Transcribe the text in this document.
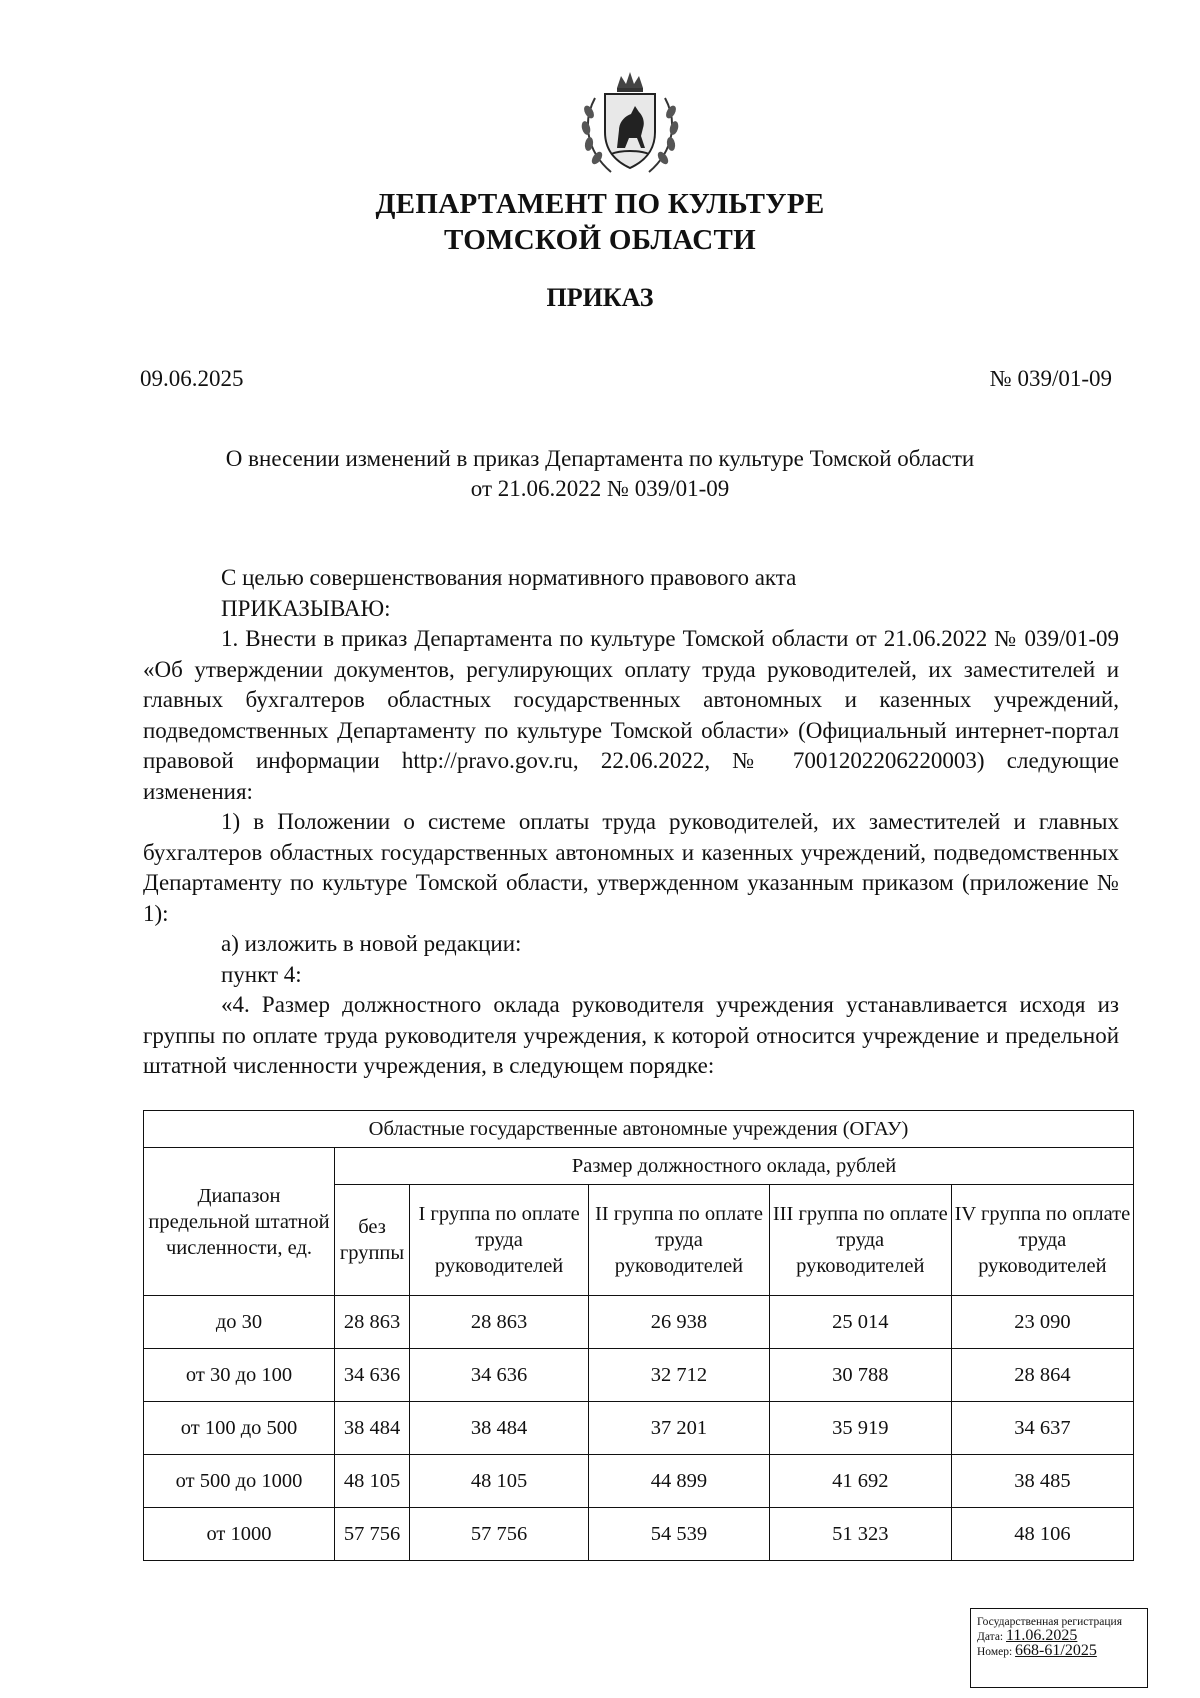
ДЕПАРТАМЕНТ ПО КУЛЬТУРЕ
ТОМСКОЙ ОБЛАСТИ
ПРИКАЗ
09.06.2025	№ 039/01-09
О внесении изменений в приказ Департамента по культуре Томской области
от 21.06.2022 № 039/01-09

С целью совершенствования нормативного правового акта

ПРИКАЗЫВАЮ:

1. Внести в приказ Департамента по культуре Томской области от 21.06.2022 № 039/01-09 «Об утверждении документов, регулирующих оплату труда руководителей, их заместителей и главных бухгалтеров областных государственных автономных и казенных учреждений, подведомственных Департаменту по культуре Томской области» (Официальный интернет-портал правовой информации http://pravo.gov.ru, 22.06.2022, № 7001202206220003) следующие изменения:

1) в Положении о системе оплаты труда руководителей, их заместителей и главных бухгалтеров областных государственных автономных и казенных учреждений, подведомственных Департаменту по культуре Томской области, утвержденном указанным приказом (приложение № 1):

а) изложить в новой редакции:

пункт 4:

«4. Размер должностного оклада руководителя учреждения устанавливается исходя из группы по оплате труда руководителя учреждения, к которой относится учреждение и предельной штатной численности учреждения, в следующем порядке:

Областные государственные автономные учреждения (ОГАУ)					
Диапазон предельной штатной численности, ед.	Размер должностного оклада, рублей				
	без группы	I группа по оплате труда руководителей	II группа по оплате труда руководителей	III группа по оплате труда руководителей	IV группа по оплате труда руководителей
до 30	28 863	28 863	26 938	25 014	23 090
от 30 до 100	34 636	34 636	32 712	30 788	28 864
от 100 до 500	38 484	38 484	37 201	35 919	34 637
от 500 до 1000	48 105	48 105	44 899	41 692	38 485
от 1000	57 756	57 756	54 539	51 323	48 106
Государственная регистрация
Дата: 11.06.2025
Номер: 668-61/2025
